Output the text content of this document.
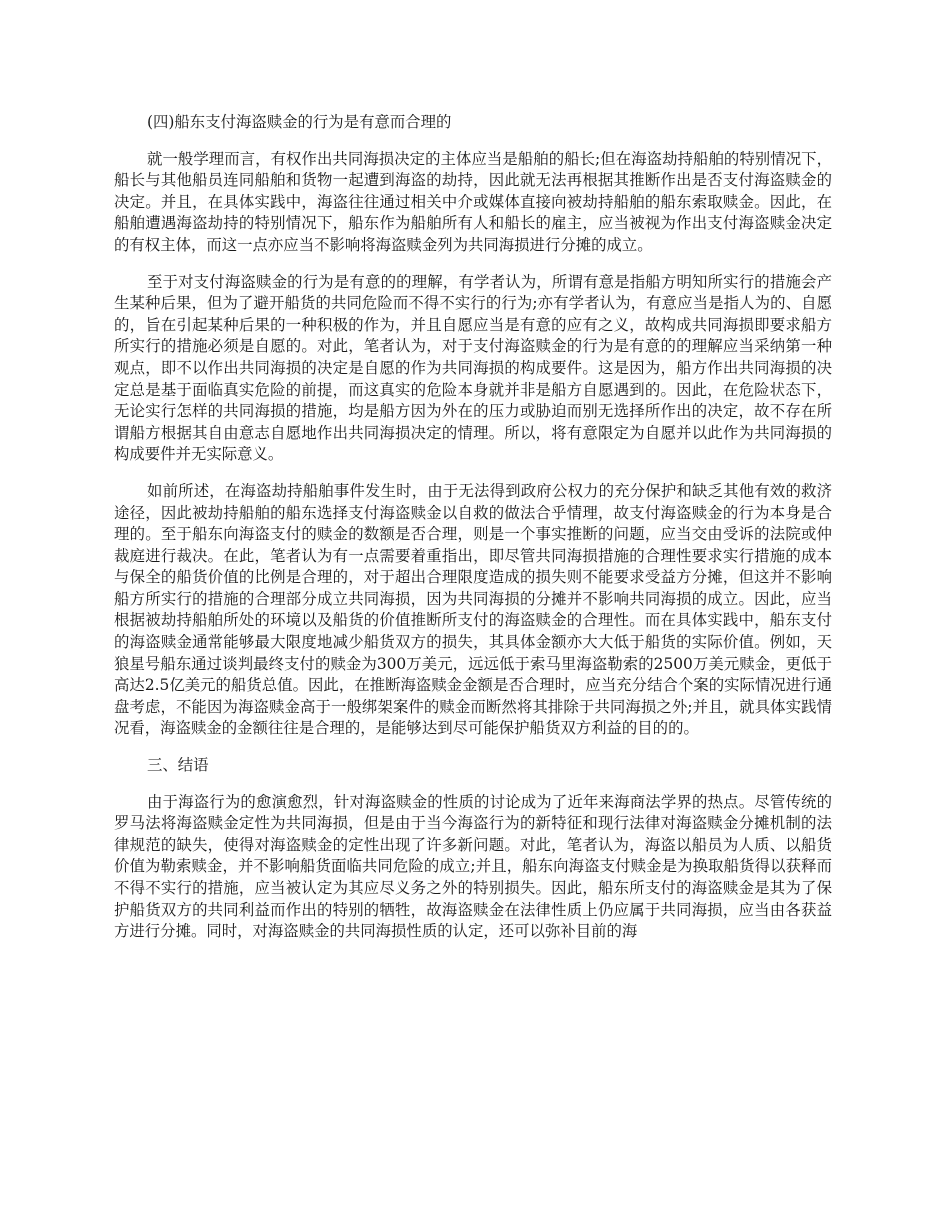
(四)船东支付海盗赎金的行为是有意而合理的

就一般学理而言，有权作出共同海损决定的主体应当是船舶的船长;但在海盗劫持船舶的特别情况下，船长与其他船员连同船舶和货物一起遭到海盗的劫持，因此就无法再根据其推断作出是否支付海盗赎金的决定。并且，在具体实践中，海盗往往通过相关中介或媒体直接向被劫持船舶的船东索取赎金。因此，在船舶遭遇海盗劫持的特别情况下，船东作为船舶所有人和船长的雇主，应当被视为作出支付海盗赎金决定的有权主体，而这一点亦应当不影响将海盗赎金列为共同海损进行分摊的成立。

至于对支付海盗赎金的行为是有意的的理解，有学者认为，所谓有意是指船方明知所实行的措施会产生某种后果，但为了避开船货的共同危险而不得不实行的行为;亦有学者认为，有意应当是指人为的、自愿的，旨在引起某种后果的一种积极的作为，并且自愿应当是有意的应有之义，故构成共同海损即要求船方所实行的措施必须是自愿的。对此，笔者认为，对于支付海盗赎金的行为是有意的的理解应当采纳第一种观点，即不以作出共同海损的决定是自愿的作为共同海损的构成要件。这是因为，船方作出共同海损的决定总是基于面临真实危险的前提，而这真实的危险本身就并非是船方自愿遇到的。因此，在危险状态下，无论实行怎样的共同海损的措施，均是船方因为外在的压力或胁迫而别无选择所作出的决定，故不存在所谓船方根据其自由意志自愿地作出共同海损决定的情理。所以，将有意限定为自愿并以此作为共同海损的构成要件并无实际意义。

如前所述，在海盗劫持船舶事件发生时，由于无法得到政府公权力的充分保护和缺乏其他有效的救济途径，因此被劫持船舶的船东选择支付海盗赎金以自救的做法合乎情理，故支付海盗赎金的行为本身是合理的。至于船东向海盗支付的赎金的数额是否合理，则是一个事实推断的问题，应当交由受诉的法院或仲裁庭进行裁决。在此，笔者认为有一点需要着重指出，即尽管共同海损措施的合理性要求实行措施的成本与保全的船货价值的比例是合理的，对于超出合理限度造成的损失则不能要求受益方分摊，但这并不影响船方所实行的措施的合理部分成立共同海损，因为共同海损的分摊并不影响共同海损的成立。因此，应当根据被劫持船舶所处的环境以及船货的价值推断所支付的海盗赎金的合理性。而在具体实践中，船东支付的海盗赎金通常能够最大限度地减少船货双方的损失，其具体金额亦大大低于船货的实际价值。例如，天狼星号船东通过谈判最终支付的赎金为300万美元，远远低于索马里海盗勒索的2500万美元赎金，更低于高达2.5亿美元的船货总值。因此，在推断海盗赎金金额是否合理时，应当充分结合个案的实际情况进行通盘考虑，不能因为海盗赎金高于一般绑架案件的赎金而断然将其排除于共同海损之外;并且，就具体实践情况看，海盗赎金的金额往往是合理的，是能够达到尽可能保护船货双方利益的目的的。

三、结语

由于海盗行为的愈演愈烈，针对海盗赎金的性质的讨论成为了近年来海商法学界的热点。尽管传统的罗马法将海盗赎金定性为共同海损，但是由于当今海盗行为的新特征和现行法律对海盗赎金分摊机制的法律规范的缺失，使得对海盗赎金的定性出现了许多新问题。对此，笔者认为，海盗以船员为人质、以船货价值为勒索赎金，并不影响船货面临共同危险的成立;并且，船东向海盗支付赎金是为换取船货得以获释而不得不实行的措施，应当被认定为其应尽义务之外的特别损失。因此，船东所支付的海盗赎金是其为了保护船货双方的共同利益而作出的特别的牺牲，故海盗赎金在法律性质上仍应属于共同海损，应当由各获益方进行分摊。同时，对海盗赎金的共同海损性质的认定，还可以弥补目前的海
